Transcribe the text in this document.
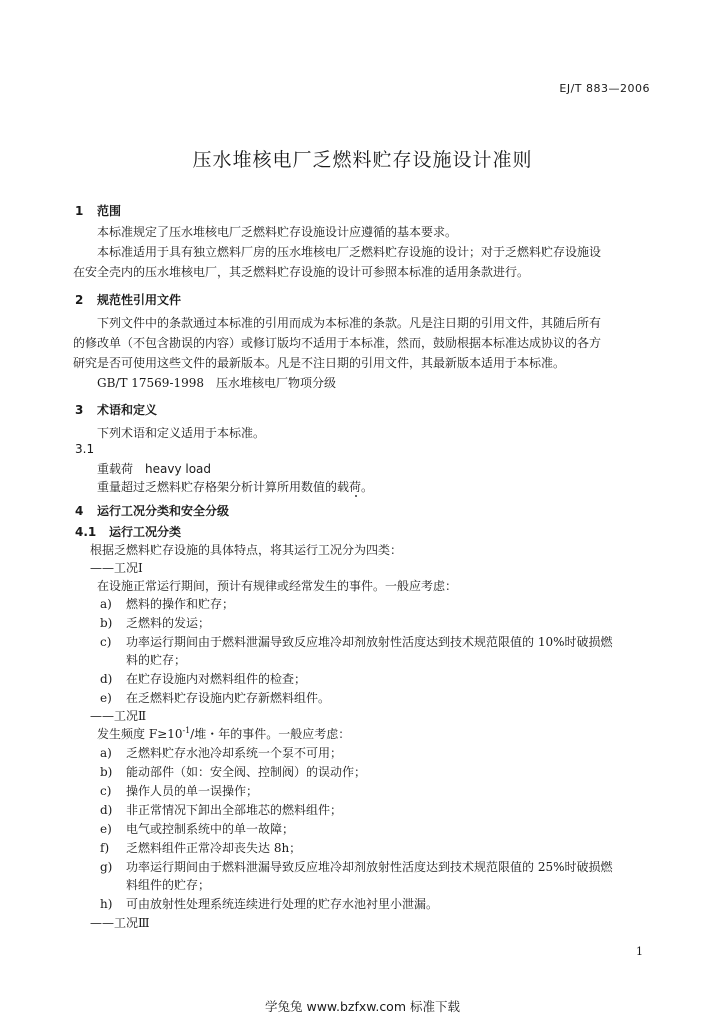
EJ/T 883—2006
压水堆核电厂乏燃料贮存设施设计准则
1 范围
本标准规定了压水堆核电厂乏燃料贮存设施设计应遵循的基本要求。
本标准适用于具有独立燃料厂房的压水堆核电厂乏燃料贮存设施的设计；对于乏燃料贮存设施设
在安全壳内的压水堆核电厂，其乏燃料贮存设施的设计可参照本标准的适用条款进行。
2 规范性引用文件
下列文件中的条款通过本标准的引用而成为本标准的条款。凡是注日期的引用文件，其随后所有
的修改单（不包含勘误的内容）或修订版均不适用于本标准，然而，鼓励根据本标准达成协议的各方
研究是否可使用这些文件的最新版本。凡是不注日期的引用文件，其最新版本适用于本标准。
GB/T 17569-1998　压水堆核电厂物项分级
3 术语和定义
下列术语和定义适用于本标准。
3.1
重载荷　heavy load
重量超过乏燃料贮存格架分析计算所用数值的载荷。
4 运行工况分类和安全分级
4.1 运行工况分类
根据乏燃料贮存设施的具体特点，将其运行工况分为四类：
——工况Ⅰ
在设施正常运行期间，预计有规律或经常发生的事件。一般应考虑：
a) 燃料的操作和贮存；
b) 乏燃料的发运；
c) 功率运行期间由于燃料泄漏导致反应堆冷却剂放射性活度达到技术规范限值的 10%时破损燃
料的贮存；
d) 在贮存设施内对燃料组件的检查；
e) 在乏燃料贮存设施内贮存新燃料组件。
——工况Ⅱ
发生频度 $F\ge 10^{-1}/$堆・年的事件。一般应考虑：
a) 乏燃料贮存水池冷却系统一个泵不可用；
b) 能动部件（如：安全阀、控制阀）的误动作；
c) 操作人员的单一误操作；
d) 非正常情况下卸出全部堆芯的燃料组件；
e) 电气或控制系统中的单一故障；
f) 乏燃料组件正常冷却丧失达 8h；
g) 功率运行期间由于燃料泄漏导致反应堆冷却剂放射性活度达到技术规范限值的 25%时破损燃
料组件的贮存；
h) 可由放射性处理系统连续进行处理的贮存水池衬里小泄漏。
——工况Ⅲ
1
学兔兔 www.bzfxw.com 标准下载
